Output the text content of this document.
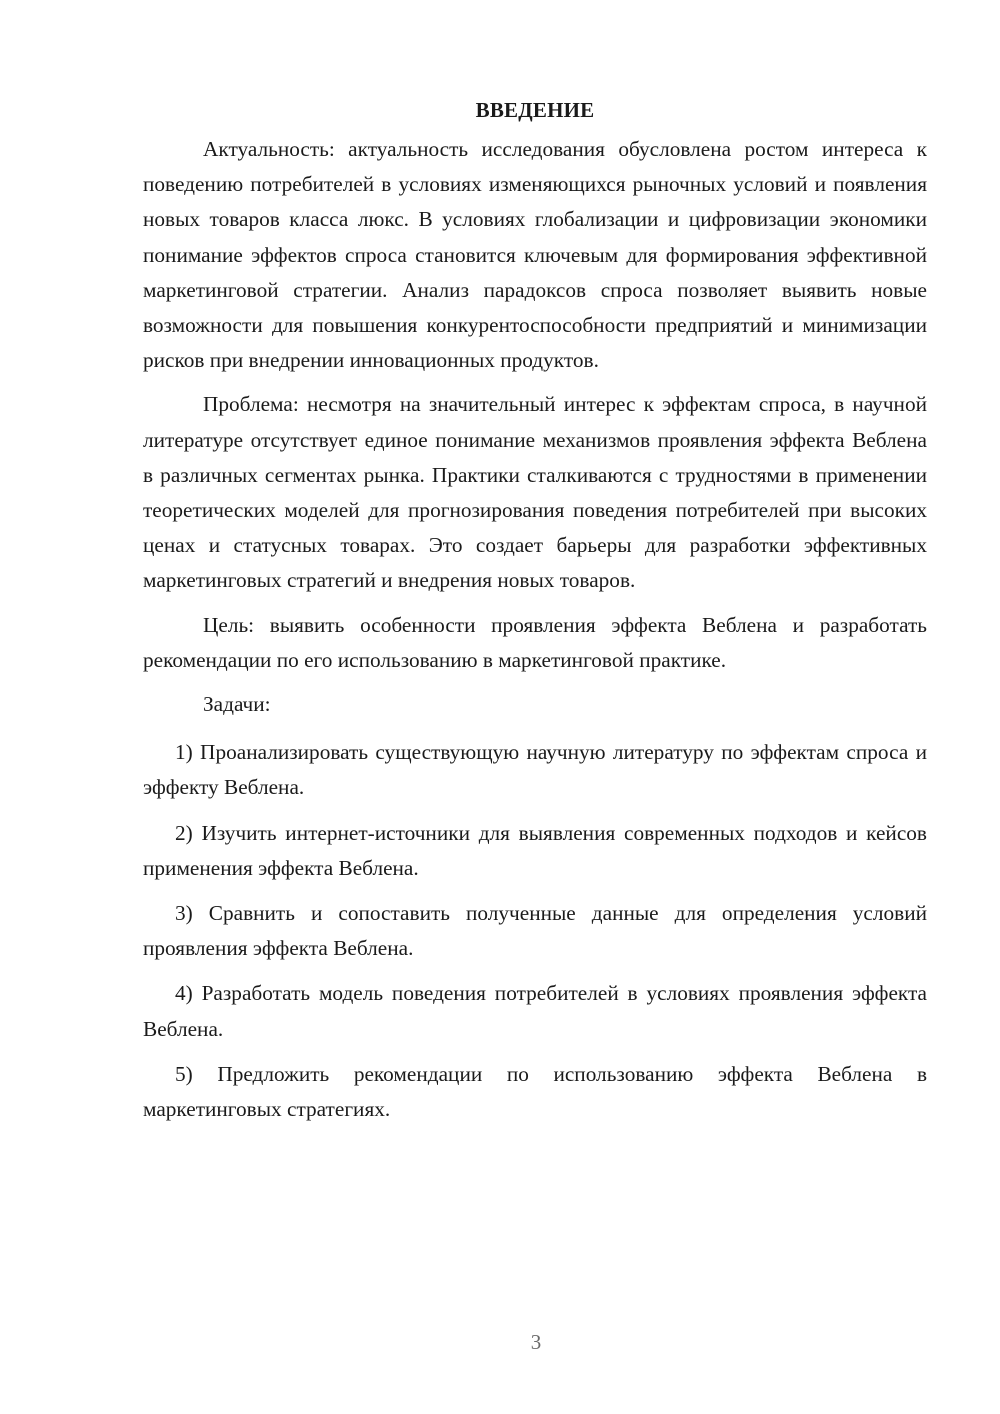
ВВЕДЕНИЕ

Актуальность: актуальность исследования обусловлена ростом интереса к поведению потребителей в условиях изменяющихся рыночных условий и появления новых товаров класса люкс. В условиях глобализации и цифровизации экономики понимание эффектов спроса становится ключевым для формирования эффективной маркетинговой стратегии. Анализ парадоксов спроса позволяет выявить новые возможности для повышения конкурентоспособности предприятий и минимизации рисков при внедрении инновационных продуктов.

Проблема: несмотря на значительный интерес к эффектам спроса, в научной литературе отсутствует единое понимание механизмов проявления эффекта Веблена в различных сегментах рынка. Практики сталкиваются с трудностями в применении теоретических моделей для прогнозирования поведения потребителей при высоких ценах и статусных товарах. Это создает барьеры для разработки эффективных маркетинговых стратегий и внедрения новых товаров.

Цель: выявить особенности проявления эффекта Веблена и разработать рекомендации по его использованию в маркетинговой практике.

Задачи:

1) Проанализировать существующую научную литературу по эффектам спроса и эффекту Веблена.

2) Изучить интернет-источники для выявления современных подходов и кейсов применения эффекта Веблена.

3) Сравнить и сопоставить полученные данные для определения условий проявления эффекта Веблена.

4) Разработать модель поведения потребителей в условиях проявления эффекта Веблена.

5) Предложить рекомендации по использованию эффекта Веблена в маркетинговых стратегиях.

3
